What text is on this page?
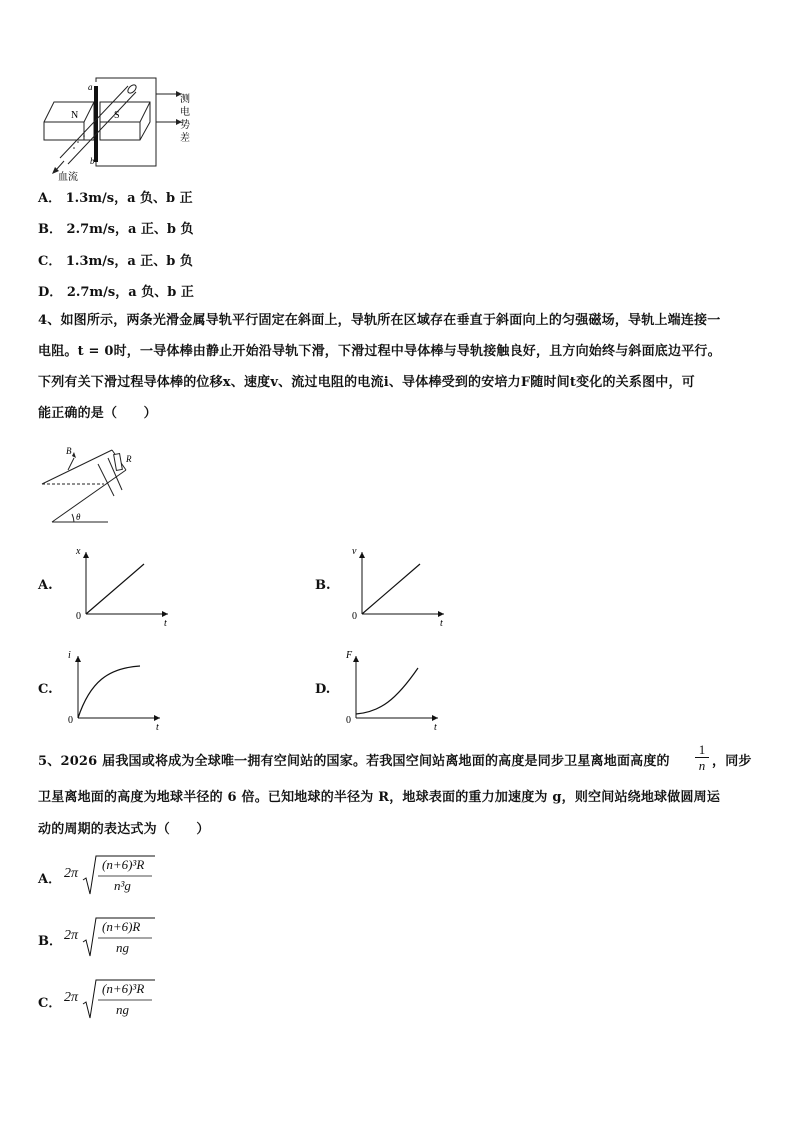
a
b
N	S
血流
测
电
势
差
A． 1.3m/s，a 负、b 正
B． 2.7m/s，a 正、b 负
C． 1.3m/s，a 正、b 负
D． 2.7m/s，a 负、b 正
4、如图所示，两条光滑金属导轨平行固定在斜面上，导轨所在区域存在垂直于斜面向上的匀强磁场，导轨上端连接一
电阻。t = 0时，一导体棒由静止开始沿导轨下滑，下滑过程中导体棒与导轨接触良好，且方向始终与斜面底边平行。
下列有关下滑过程导体棒的位移x、速度v、流过电阻的电流i、导体棒受到的安培力F随时间t变化的关系图中，可
能正确的是（　　）
B
R
θ
A.
x
t
0
B.
v
t
0
C.
i
t
0
D.
F
t
0
5、2026 届我国或将成为全球唯一拥有空间站的国家。若我国空间站离地面的高度是同步卫星离地面高度的	$\frac{1}{n}$ ，同步
卫星离地面的高度为地球半径的 6 倍。已知地球的半径为 R，地球表面的重力加速度为 g，则空间站绕地球做圆周运
动的周期的表达式为（　　）
A． 2π
(n+6)³R
n³g
B． 2π
(n+6)R
ng
C． 2π
(n+6)³R
ng
